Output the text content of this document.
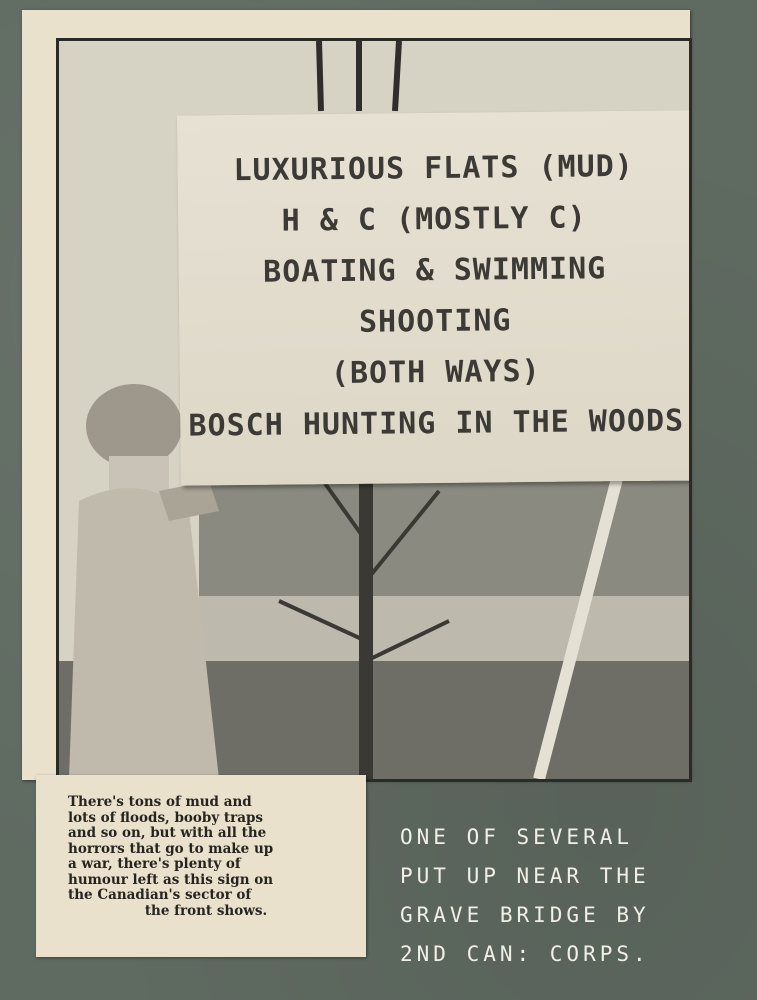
LUXURIOUS FLATS (MUD)
H & C (MOSTLY C)
BOATING & SWIMMING
SHOOTING
(BOTH WAYS)
BOSCH HUNTING IN THE WOODS
There's tons of mud and
lots of floods, booby traps
and so on, but with all the
horrors that go to make up
a war, there's plenty of
humour left as this sign on
the Canadian's sector of
the front shows.
ONE OF SEVERAL
PUT UP NEAR THE
GRAVE BRIDGE BY
2ND CAN: CORPS.
